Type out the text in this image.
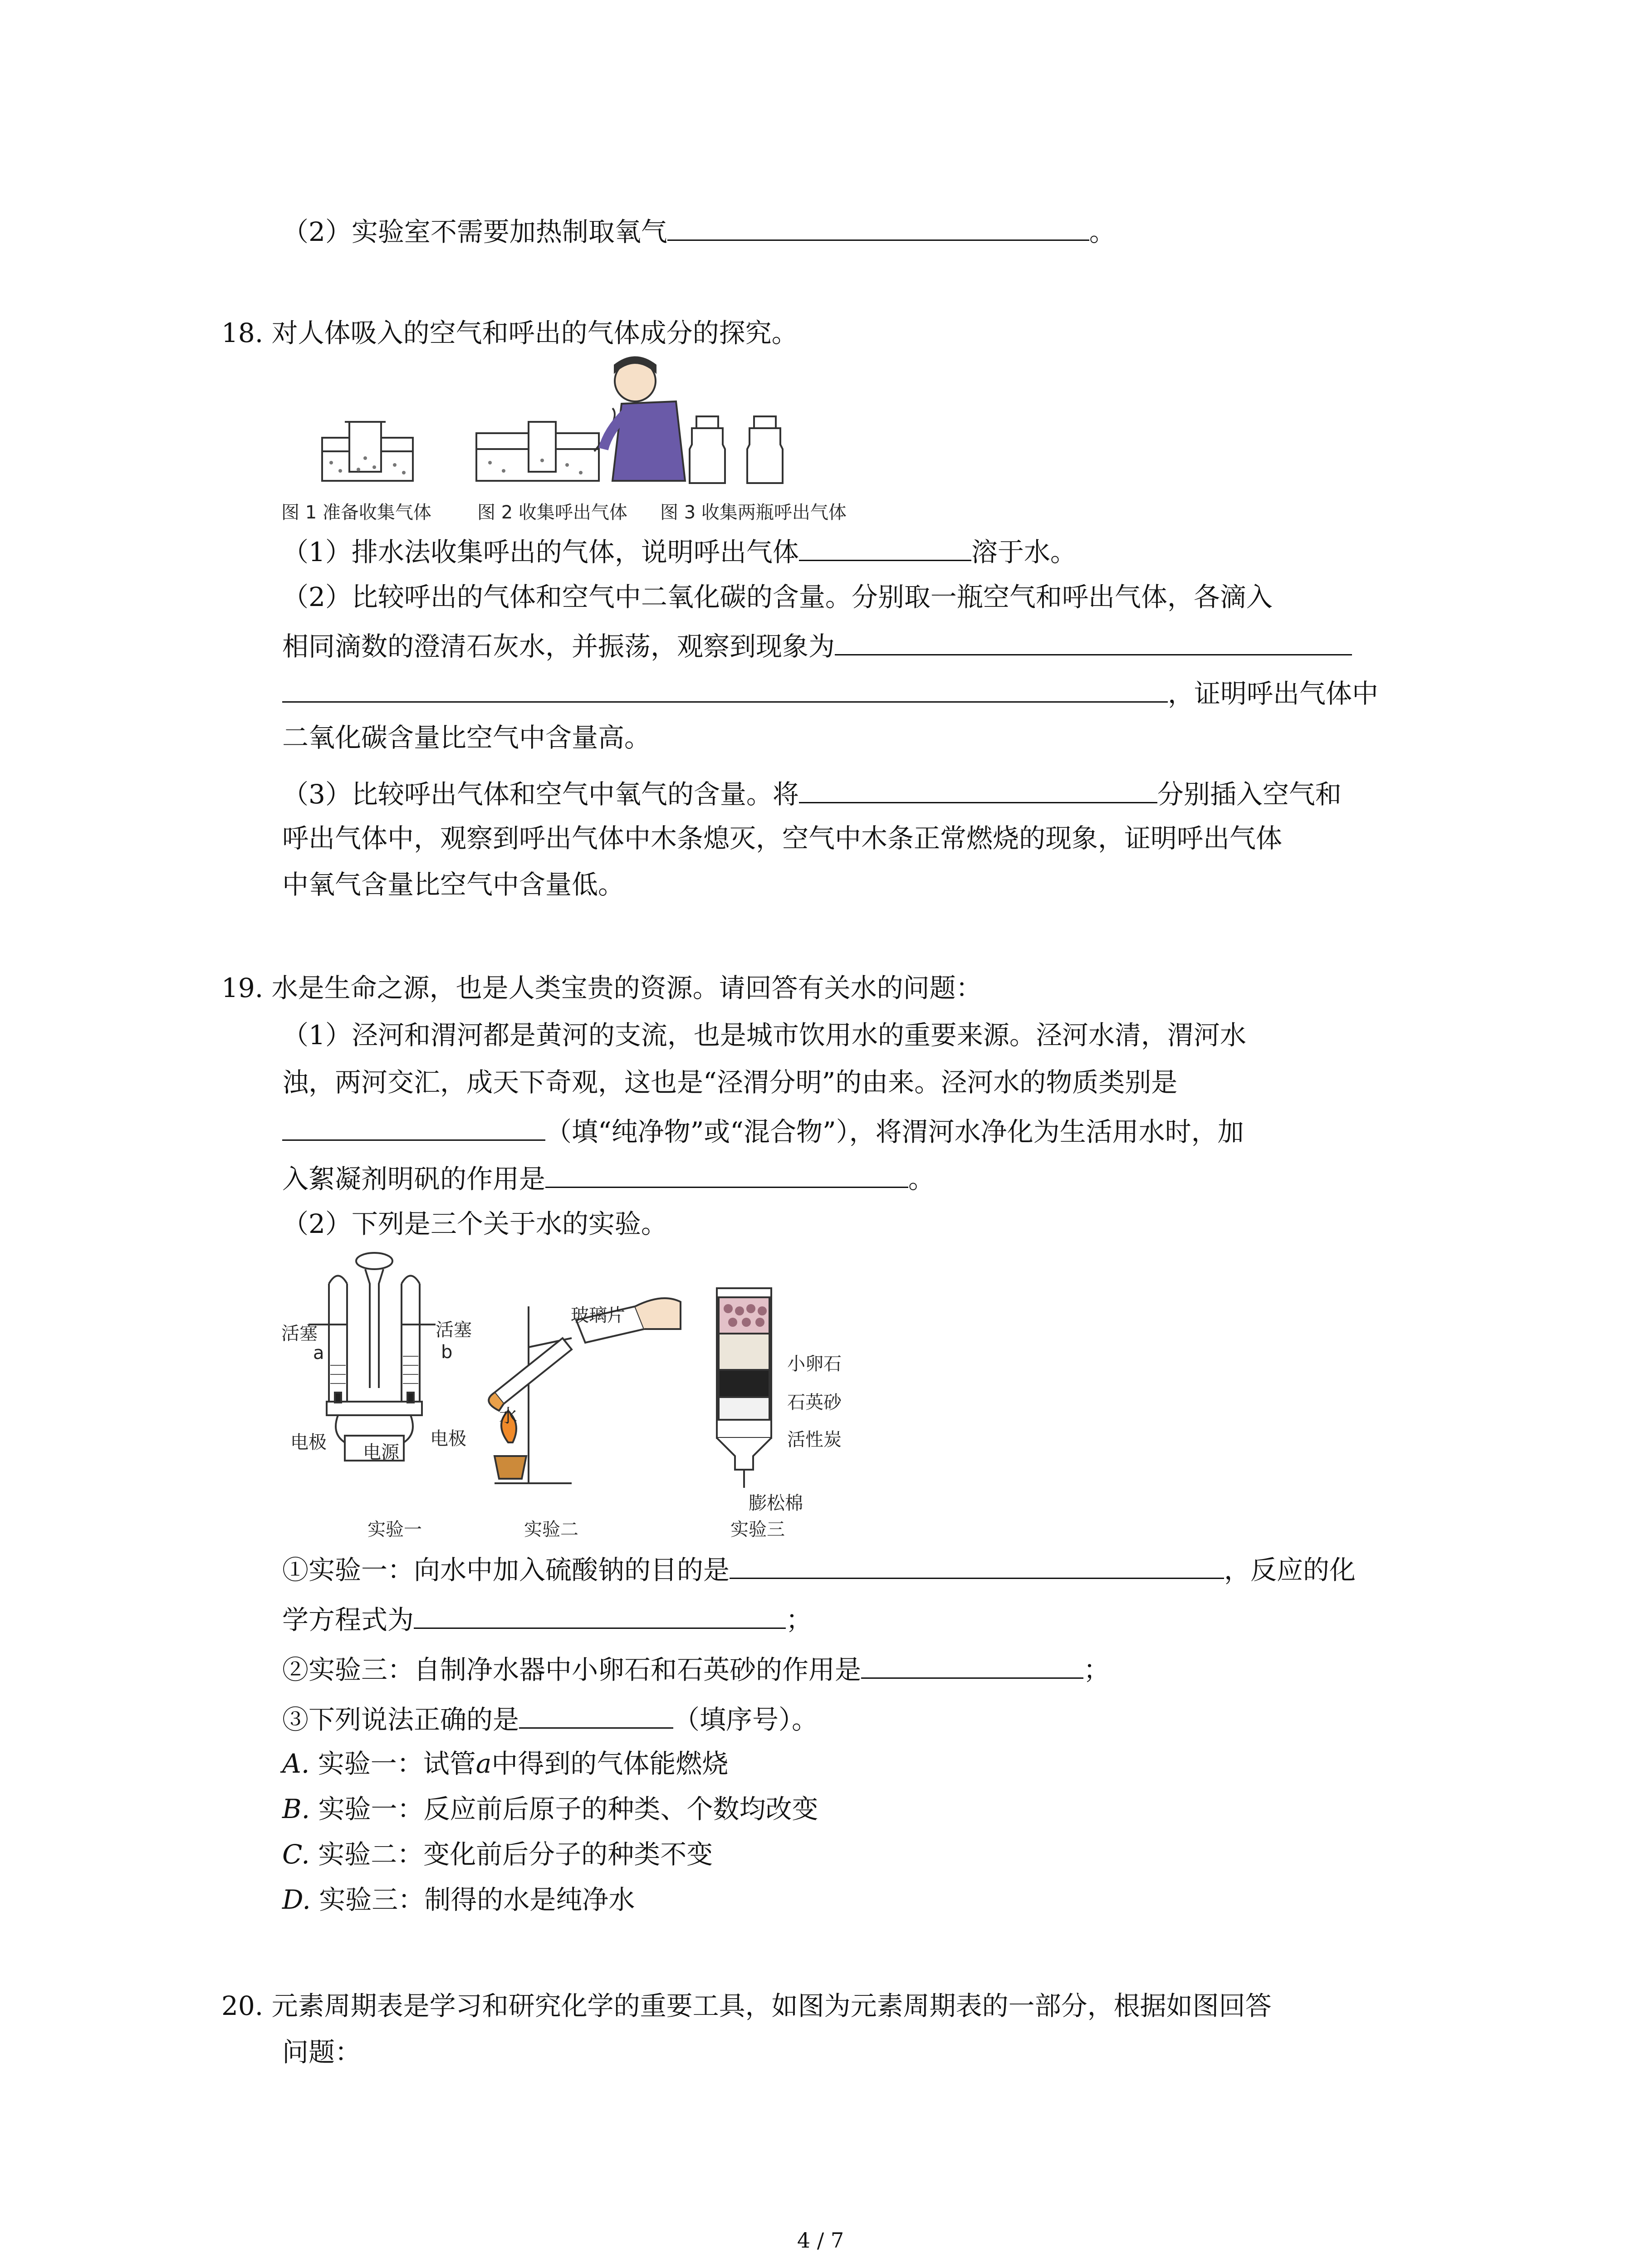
（2）实验室不需要加热制取氧气	。
18. 对人体吸入的空气和呼出的气体成分的探究。
图 1 准备收集气体	图 2 收集呼出气体 图 3 收集两瓶呼出气体
（1）排水法收集呼出的气体，说明呼出气体	溶于水。
（2）比较呼出的气体和空气中二氧化碳的含量。分别取一瓶空气和呼出气体，各滴入
相同滴数的澄清石灰水，并振荡，观察到现象为
，证明呼出气体中
二氧化碳含量比空气中含量高。
（3）比较呼出气体和空气中氧气的含量。将	分别插入空气和
呼出气体中，观察到呼出气体中木条熄灭，空气中木条正常燃烧的现象，证明呼出气体
中氧气含量比空气中含量低。
19. 水是生命之源，也是人类宝贵的资源。请回答有关水的问题：
（1）泾河和渭河都是黄河的支流，也是城市饮用水的重要来源。泾河水清，渭河水
浊，两河交汇，成天下奇观，这也是“泾渭分明”的由来。泾河水的物质类别是
（填“纯净物”或“混合物”），将渭河水净化为生活用水时，加
入絮凝剂明矾的作用是	。
（2）下列是三个关于水的实验。
活塞	活塞
a	b
电极	电极
电源
实验一
玻璃片
水
实验二
小卵石
石英砂
活性炭
膨松棉
实验三
①实验一：向水中加入硫酸钠的目的是	，反应的化
学方程式为	；
②实验三：自制净水器中小卵石和石英砂的作用是	；
③下列说法正确的是	（填序号）。
A. 实验一：试管a中得到的气体能燃烧
B. 实验一：反应前后原子的种类、个数均改变
C. 实验二：变化前后分子的种类不变
D. 实验三：制得的水是纯净水
20. 元素周期表是学习和研究化学的重要工具，如图为元素周期表的一部分，根据如图回答
问题：
4 / 7
